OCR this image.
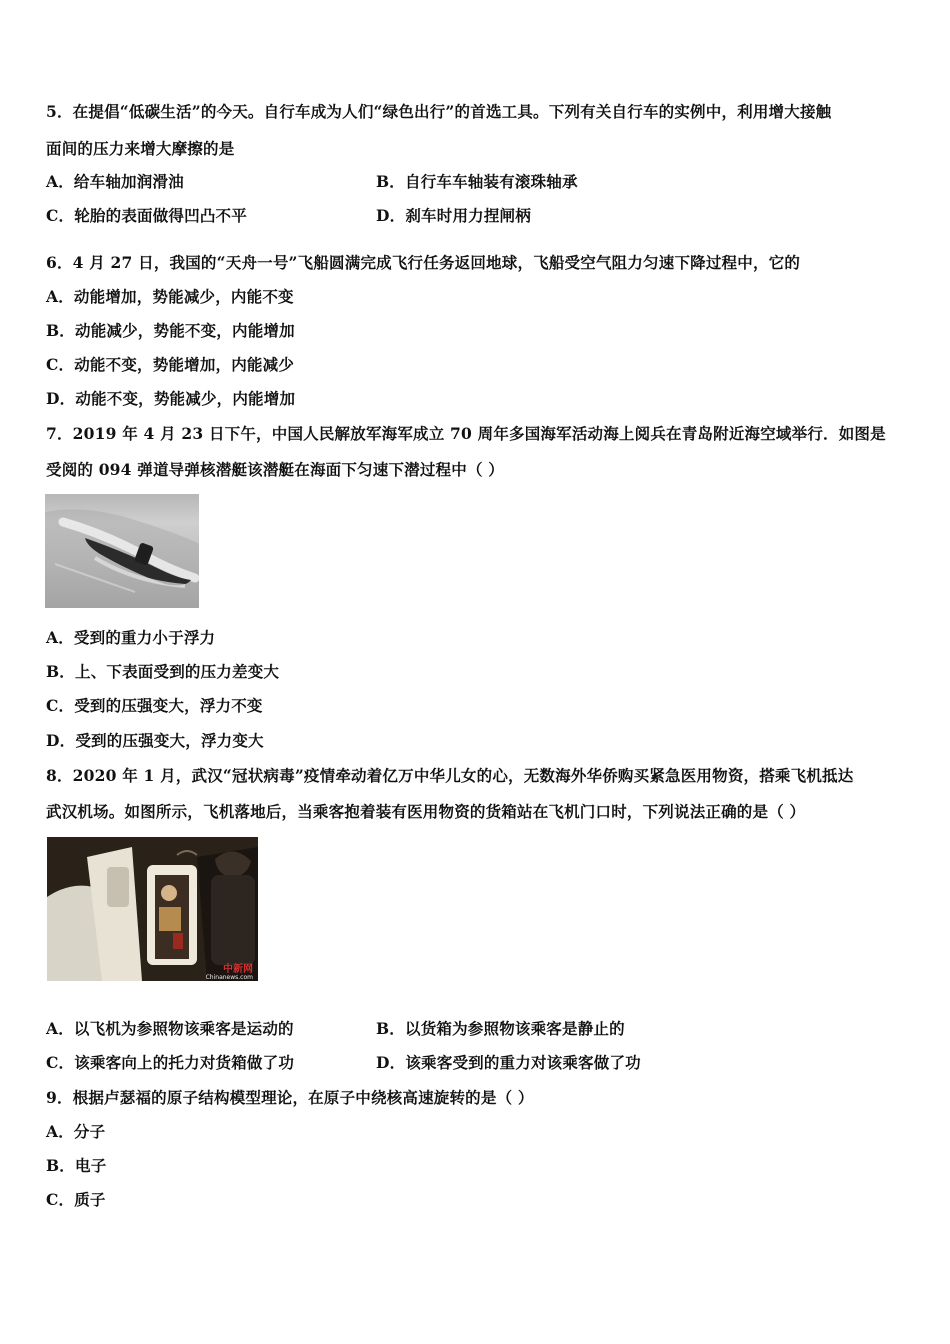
5．在提倡“低碳生活”的今天。自行车成为人们“绿色出行”的首选工具。下列有关自行车的实例中，利用增大接触
面间的压力来增大摩擦的是
A．给车轴加润滑油	B．自行车车轴装有滚珠轴承
C．轮胎的表面做得凹凸不平	D．刹车时用力捏闸柄
6．4 月 27 日，我国的“天舟一号”飞船圆满完成飞行任务返回地球，飞船受空气阻力匀速下降过程中，它的
A．动能增加，势能减少，内能不变
B．动能减少，势能不变，内能增加
C．动能不变，势能增加，内能减少
D．动能不变，势能减少，内能增加
7．2019 年 4 月 23 日下午，中国人民解放军海军成立 70 周年多国海军活动海上阅兵在青岛附近海空域举行．如图是
受阅的 094 弹道导弹核潜艇该潜艇在海面下匀速下潜过程中（ ）
A．受到的重力小于浮力
B．上、下表面受到的压力差变大
C．受到的压强变大，浮力不变
D．受到的压强变大，浮力变大
8．2020 年 1 月，武汉“冠状病毒”疫情牵动着亿万中华儿女的心，无数海外华侨购买紧急医用物资，搭乘飞机抵达
武汉机场。如图所示，飞机落地后，当乘客抱着装有医用物资的货箱站在飞机门口时，下列说法正确的是（ ）
中新网
Chinanews.com
A．以飞机为参照物该乘客是运动的	B．以货箱为参照物该乘客是静止的
C．该乘客向上的托力对货箱做了功	D．该乘客受到的重力对该乘客做了功
9．根据卢瑟福的原子结构模型理论，在原子中绕核高速旋转的是（ ）
A．分子
B．电子
C．质子
